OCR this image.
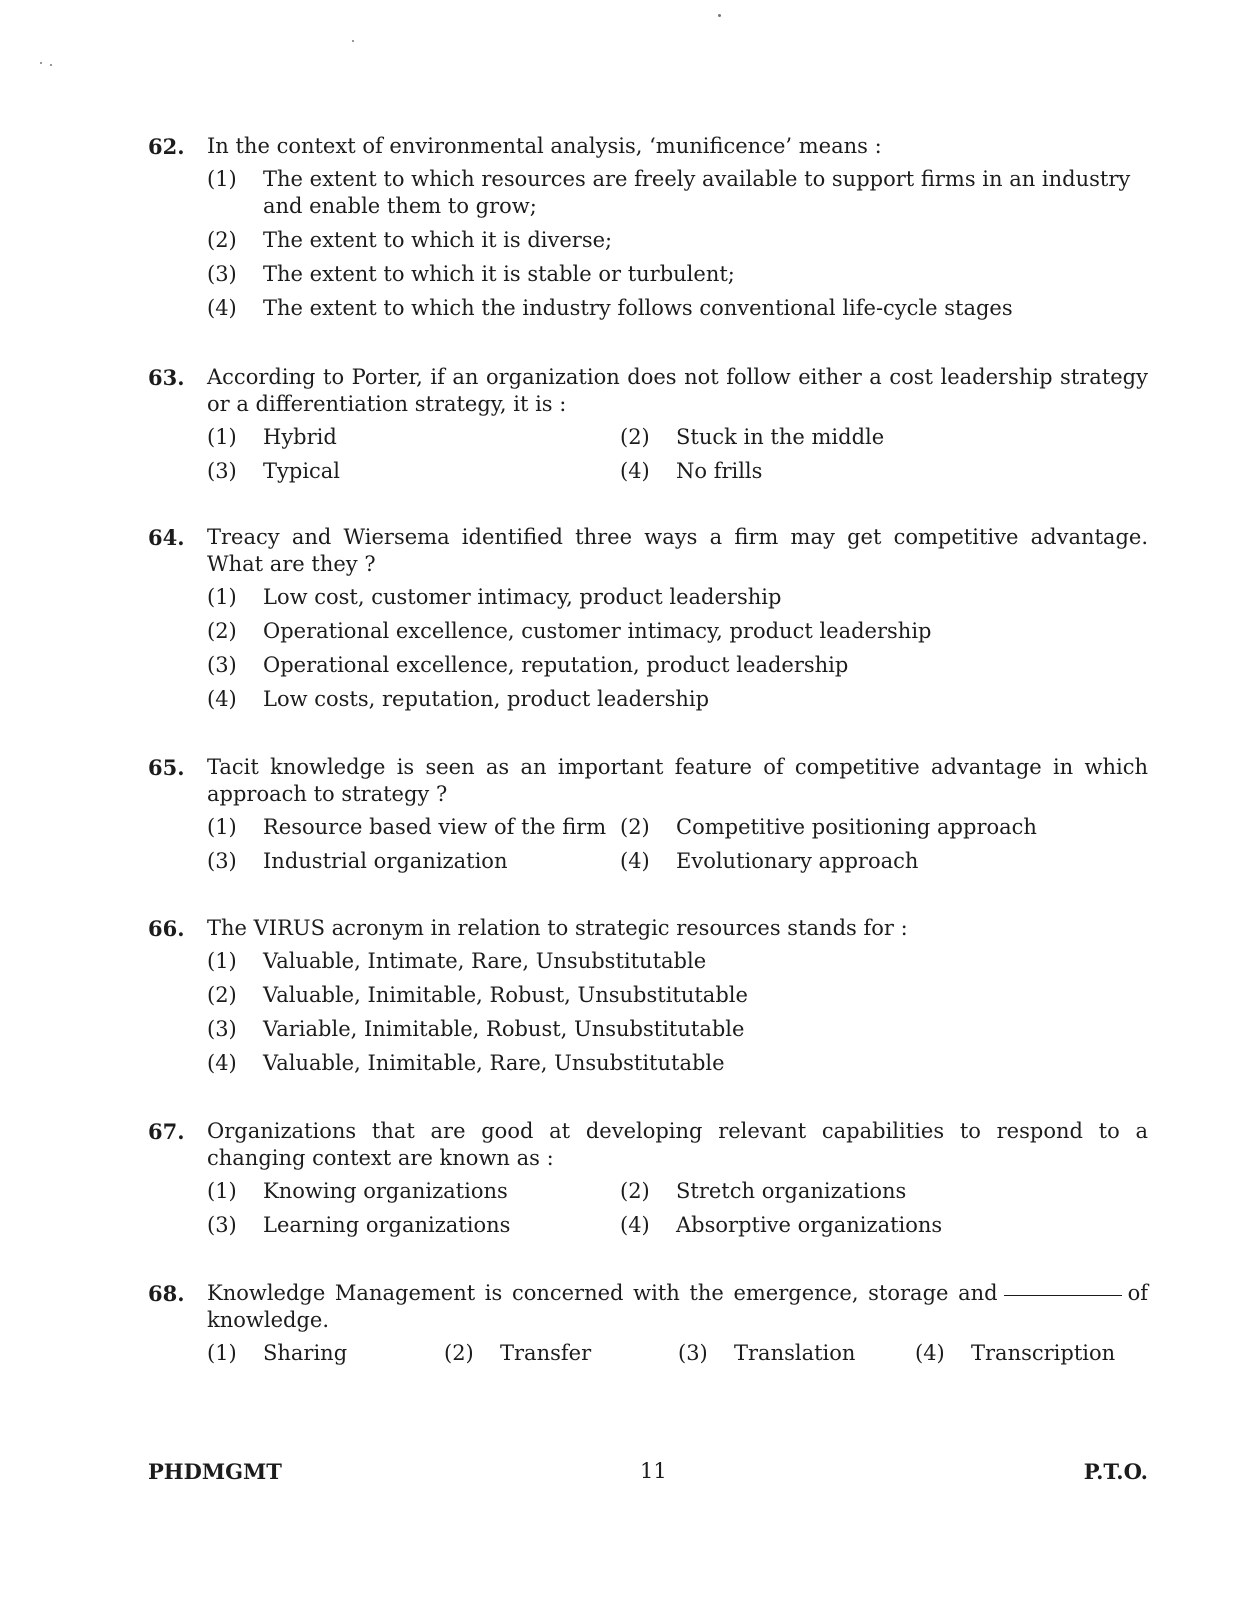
62. In the context of environmental analysis, ‘munificence’ means :
(1)	The extent to which resources are freely available to support firms in an industry and enable them to grow;
(2)	The extent to which it is diverse;
(3)	The extent to which it is stable or turbulent;
(4)	The extent to which the industry follows conventional life-cycle stages
63. According to Porter, if an organization does not follow either a cost leadership strategy or a differentiation strategy, it is :
(1)	Hybrid	(2)	Stuck in the middle
(3)	Typical	(4)	No frills
64. Treacy and Wiersema identified three ways a firm may get competitive advantage. What are they ?
(1)	Low cost, customer intimacy, product leadership
(2)	Operational excellence, customer intimacy, product leadership
(3)	Operational excellence, reputation, product leadership
(4)	Low costs, reputation, product leadership
65. Tacit knowledge is seen as an important feature of competitive advantage in which approach to strategy ?
(1)	Resource based view of the firm (2)	Competitive positioning approach
(3)	Industrial organization	(4)	Evolutionary approach
66. The VIRUS acronym in relation to strategic resources stands for :
(1)	Valuable, Intimate, Rare, Unsubstitutable
(2)	Valuable, Inimitable, Robust, Unsubstitutable
(3)	Variable, Inimitable, Robust, Unsubstitutable
(4)	Valuable, Inimitable, Rare, Unsubstitutable
67. Organizations that are good at developing relevant capabilities to respond to a changing context are known as :
(1)	Knowing organizations	(2)	Stretch organizations
(3)	Learning organizations	(4)	Absorptive organizations
68. Knowledge Management is concerned with the emergence, storage and	of knowledge.
(1)	Sharing	(2)	Transfer	(3)	Translation	(4)	Transcription
PHDMGMT	11	P.T.O.
